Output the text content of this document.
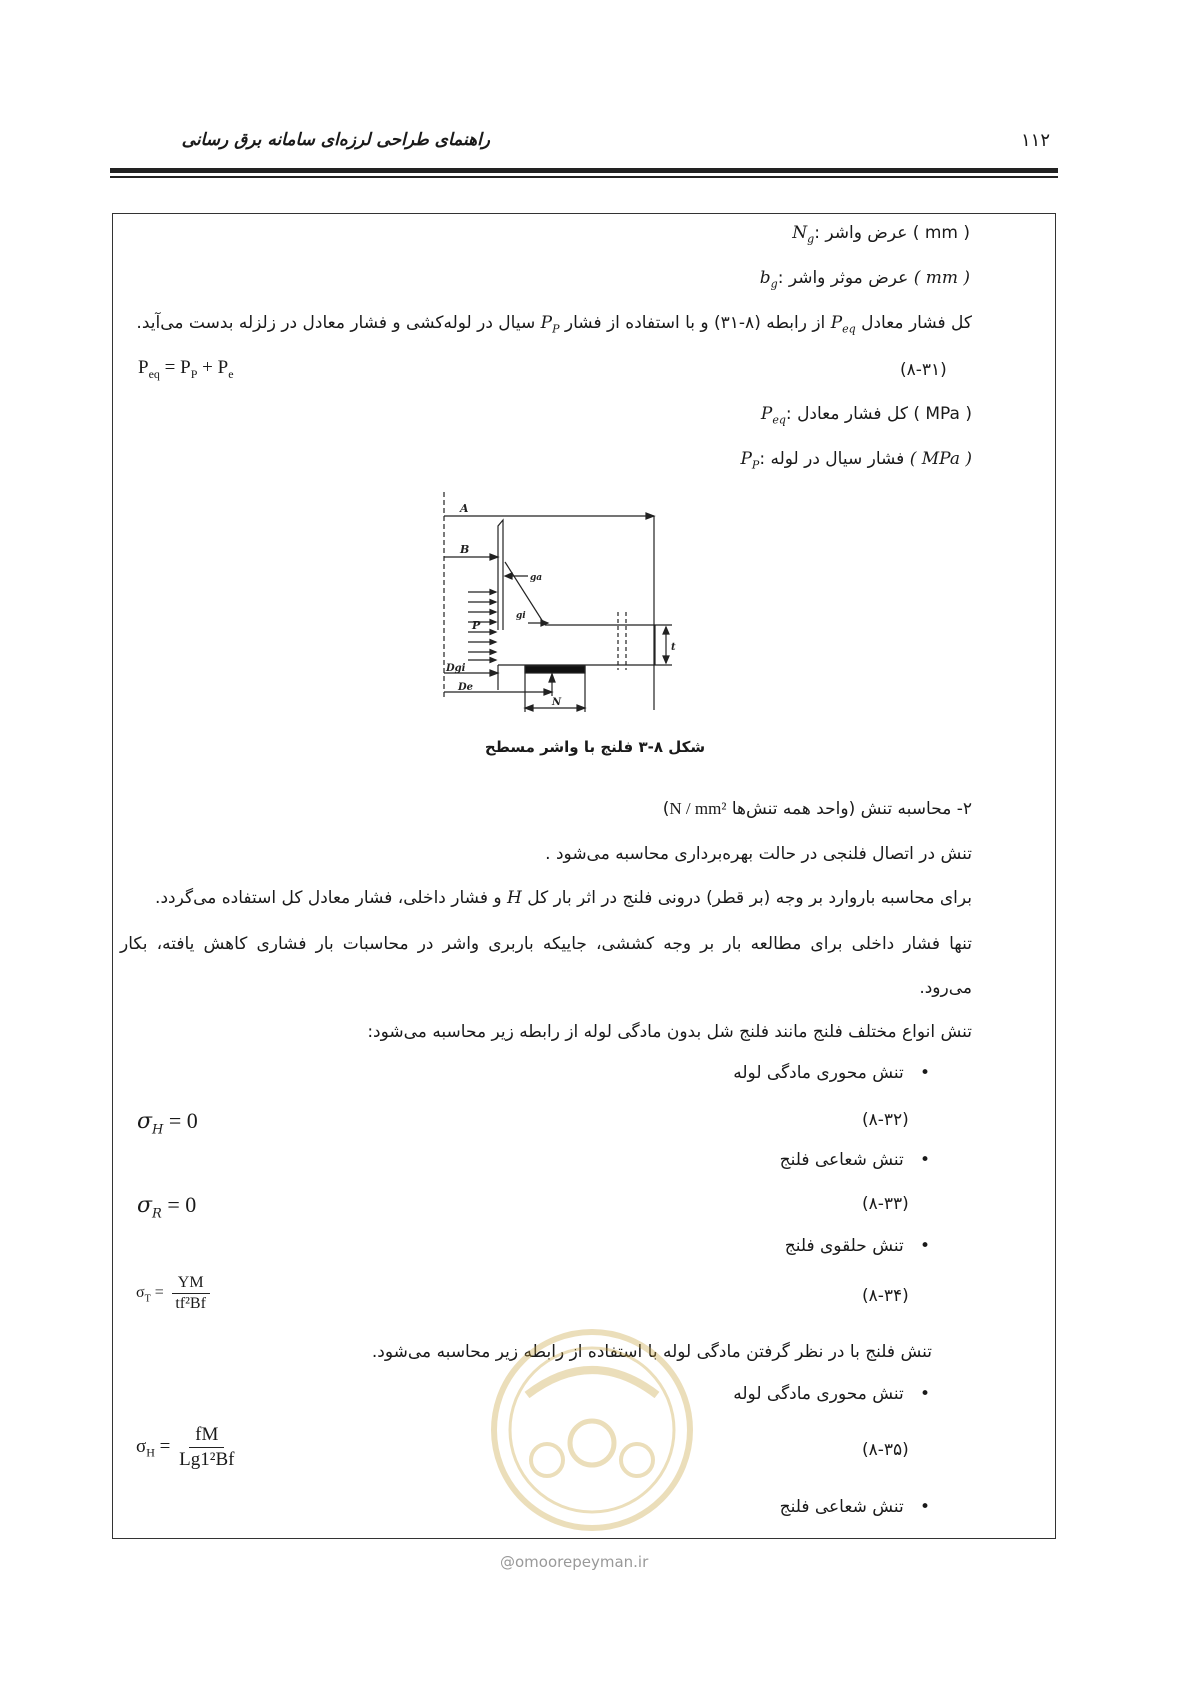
راهنمای طراحی لرزه‌ای سامانه برق رسانی	۱۱۲
$N_g$: عرض واشر ( mm )
$b_g$: عرض موثر واشر ( mm )
کل فشار معادل $P_{eq}$ از رابطه (۸-۳۱) و با استفاده از فشار $P_P$ سیال در لوله‌کشی و فشار معادل در زلزله بدست می‌آید.
$P_{eq} = P_P + P_e$	(۸-۳۱)
$P_{eq}$: کل فشار معادل ( MPa )
$P_P$: فشار سیال در لوله ( MPa )
A
B
ga
gi
P
Dgi
De
N
t
شکل ۸-۳ فلنج با واشر مسطح
۲- محاسبه تنش (واحد همه تنش‌ها N / mm²)
تنش در اتصال فلنجی در حالت بهره‌برداری محاسبه می‌شود .
برای محاسبه باروارد بر وجه (بر قطر) درونی فلنج در اثر بار کل H و فشار داخلی، فشار معادل کل استفاده می‌گردد.
تنها فشار داخلی برای مطالعه بار بر وجه کششی، جاییکه باربری واشر در محاسبات بار فشاری کاهش یافته، بکار
می‌رود.
تنش انواع مختلف فلنج مانند فلنج شل بدون مادگی لوله از رابطه زیر محاسبه می‌شود:
•   تنش محوری مادگی لوله
(۸-۳۲)
$\sigma_H = 0$
•   تنش شعاعی فلنج
(۸-۳۳)
$\sigma_R = 0$
•   تنش حلقوی فلنج
(۸-۳۴)
$\sigma_T = \frac{YM}{\text{tf²Bf}}$
تنش فلنج با در نظر گرفتن مادگی لوله با استفاده از رابطه زیر محاسبه می‌شود.
•   تنش محوری مادگی لوله
(۸-۳۵)
$\sigma_H = \frac{fM}{\text{Lg1²Bf}}$
•   تنش شعاعی فلنج
@omoorepeyman.ir
